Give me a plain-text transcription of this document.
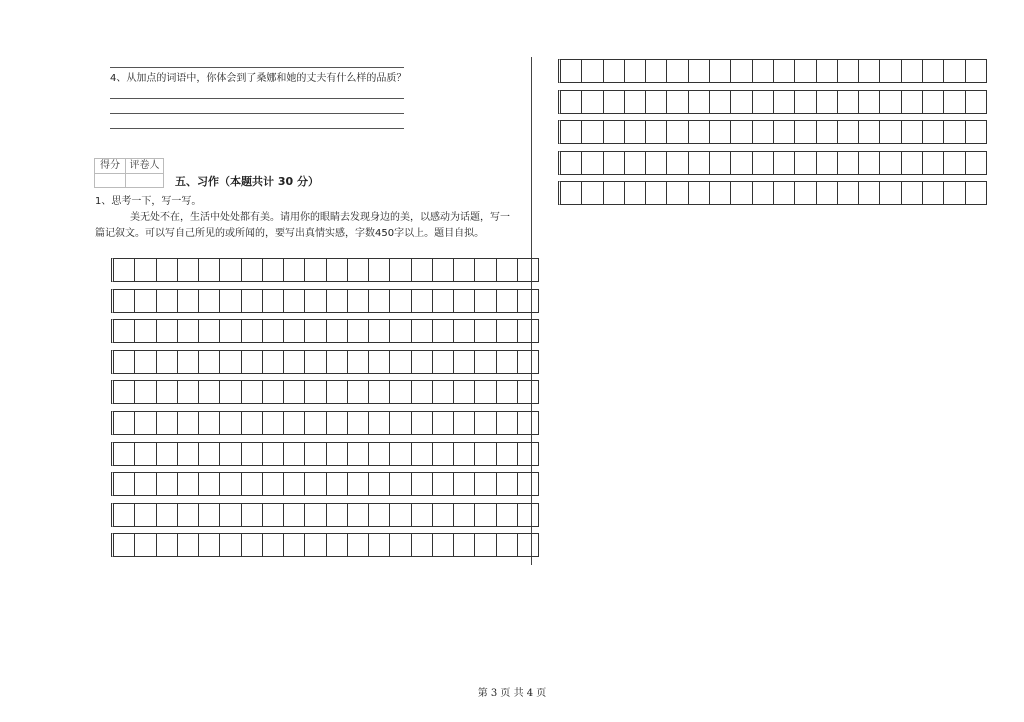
4、从加点的词语中，你体会到了桑娜和她的丈夫有什么样的品质？
得分 评卷人
五、习作（本题共计 30 分）
1、思考一下，写一写。
美无处不在，生活中处处都有美。请用你的眼睛去发现身边的美，以感动为话题，写一
篇记叙文。可以写自己所见的或所闻的，要写出真情实感，字数450字以上。题目自拟。
第 3 页 共 4 页
